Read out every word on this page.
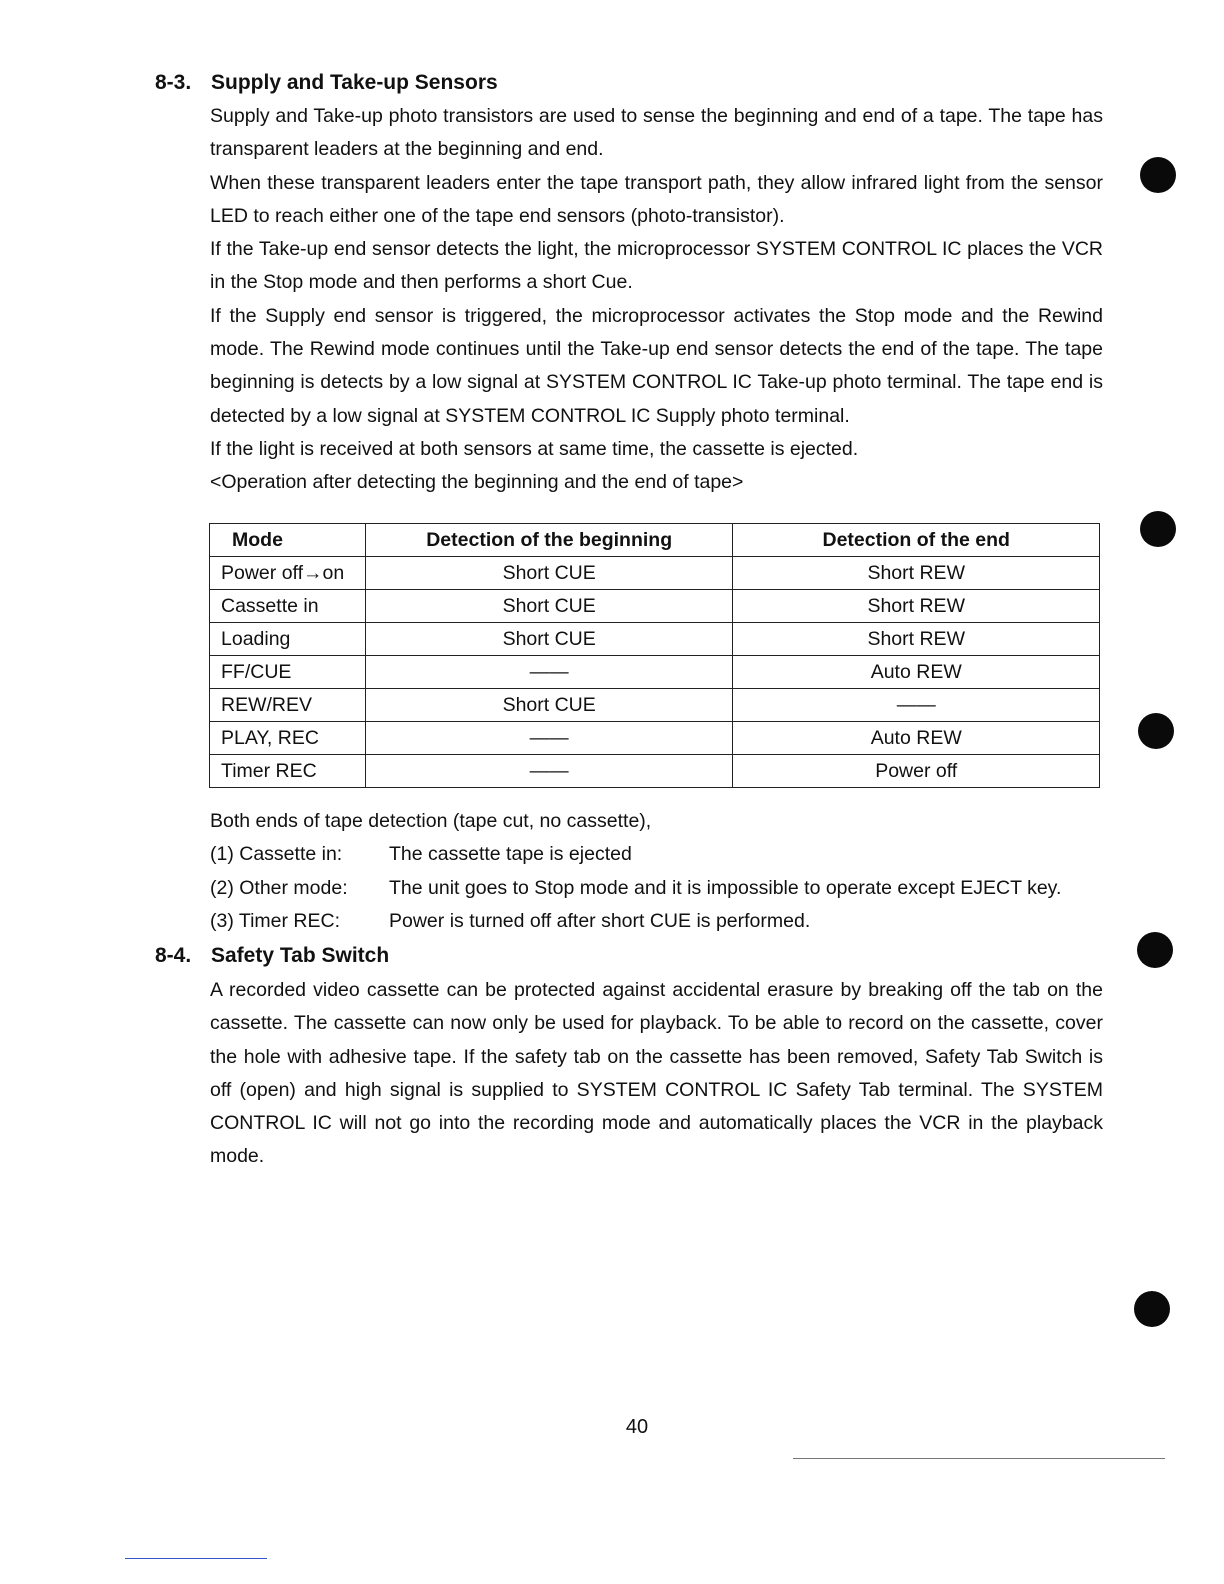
8-3. Supply and Take-up Sensors

Supply and Take-up photo transistors are used to sense the beginning and end of a tape. The tape has transparent leaders at the beginning and end.

When these transparent leaders enter the tape transport path, they allow infrared light from the sensor LED to reach either one of the tape end sensors (photo-transistor).

If the Take-up end sensor detects the light, the microprocessor SYSTEM CONTROL IC places the VCR in the Stop mode and then performs a short Cue.

If the Supply end sensor is triggered, the microprocessor activates the Stop mode and the Rewind mode. The Rewind mode continues until the Take-up end sensor detects the end of the tape. The tape beginning is detects by a low signal at SYSTEM CONTROL IC Take-up photo terminal. The tape end is detected by a low signal at SYSTEM CONTROL IC Supply photo terminal.

If the light is received at both sensors at same time, the cassette is ejected.

<Operation after detecting the beginning and the end of tape>

Mode	Detection of the beginning	Detection of the end
Power off→on	Short CUE	Short REW
Cassette in	Short CUE	Short REW
Loading	Short CUE	Short REW
FF/CUE	——	Auto REW
REW/REV	Short CUE	——
PLAY, REC	——	Auto REW
Timer REC	——	Power off
Both ends of tape detection (tape cut, no cassette),
(1) Cassette in: The cassette tape is ejected
(2) Other mode: The unit goes to Stop mode and it is impossible to operate except EJECT key.
(3) Timer REC:	Power is turned off after short CUE is performed.
8-4. Safety Tab Switch

A recorded video cassette can be protected against accidental erasure by breaking off the tab on the cassette. The cassette can now only be used for playback. To be able to record on the cassette, cover the hole with adhesive tape. If the safety tab on the cassette has been removed, Safety Tab Switch is off (open) and high signal is supplied to SYSTEM CONTROL IC Safety Tab terminal. The SYSTEM CONTROL IC will not go into the recording mode and automatically places the VCR in the playback mode.

40
